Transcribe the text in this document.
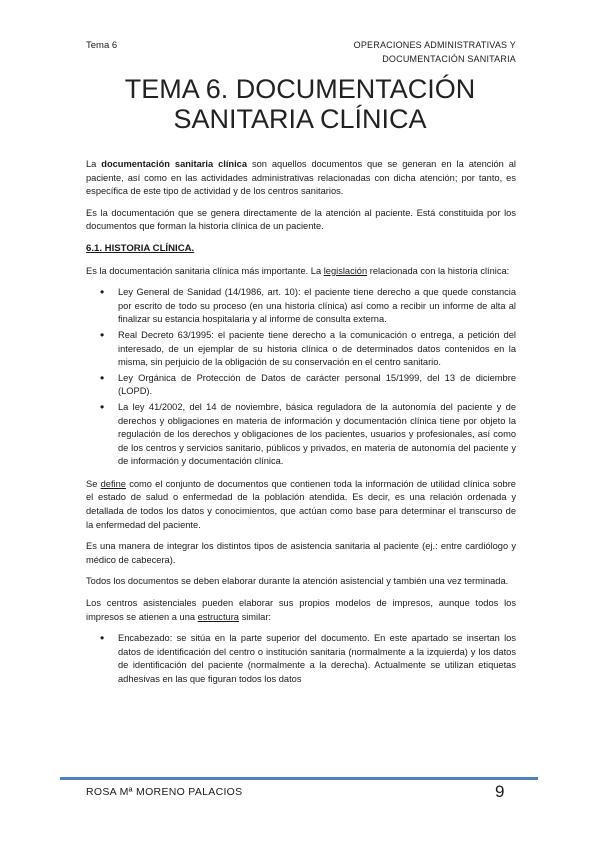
Tema 6	OPERACIONES ADMINISTRATIVAS Y
DOCUMENTACIÓN SANITARIA
TEMA 6. DOCUMENTACIÓN
SANITARIA CLÍNICA

La documentación sanitaria clínica son aquellos documentos que se generan en la atención al paciente, así como en las actividades administrativas relacionadas con dicha atención; por tanto, es específica de este tipo de actividad y de los centros sanitarios.

Es la documentación que se genera directamente de la atención al paciente. Está constituida por los documentos que forman la historia clínica de un paciente.

6.1. HISTORIA CLÍNICA.

Es la documentación sanitaria clínica más importante. La legislación relacionada con la historia clínica:

• Ley General de Sanidad (14/1986, art. 10): el paciente tiene derecho a que quede constancia por escrito de todo su proceso (en una historia clínica) así como a recibir un informe de alta al finalizar su estancia hospitalaria y al informe de consulta externa.
• Real Decreto 63/1995: el paciente tiene derecho a la comunicación o entrega, a petición del interesado, de un ejemplar de su historia clínica o de determinados datos contenidos en la misma, sin perjuicio de la obligación de su conservación en el centro sanitario.
• Ley Orgánica de Protección de Datos de carácter personal 15/1999, del 13 de diciembre (LOPD).
• La ley 41/2002, del 14 de noviembre, básica reguladora de la autonomía del paciente y de derechos y obligaciones en materia de información y documentación clínica tiene por objeto la regulación de los derechos y obligaciones de los pacientes, usuarios y profesionales, así como de los centros y servicios sanitario, públicos y privados, en materia de autonomía del paciente y de información y documentación clínica.

Se define como el conjunto de documentos que contienen toda la información de utilidad clínica sobre el estado de salud o enfermedad de la población atendida. Es decir, es una relación ordenada y detallada de todos los datos y conocimientos, que actúan como base para determinar el transcurso de la enfermedad del paciente.

Es una manera de integrar los distintos tipos de asistencia sanitaria al paciente (ej.: entre cardiólogo y médico de cabecera).

Todos los documentos se deben elaborar durante la atención asistencial y también una vez terminada.

Los centros asistenciales pueden elaborar sus propios modelos de impresos, aunque todos los impresos se atienen a una estructura similar:

• Encabezado: se sitúa en la parte superior del documento. En este apartado se insertan los datos de identificación del centro o institución sanitaria (normalmente a la izquierda) y los datos de identificación del paciente (normalmente a la derecha). Actualmente se utilizan etiquetas adhesivas en las que figuran todos los datos
ROSA Mª MORENO PALACIOS	9
